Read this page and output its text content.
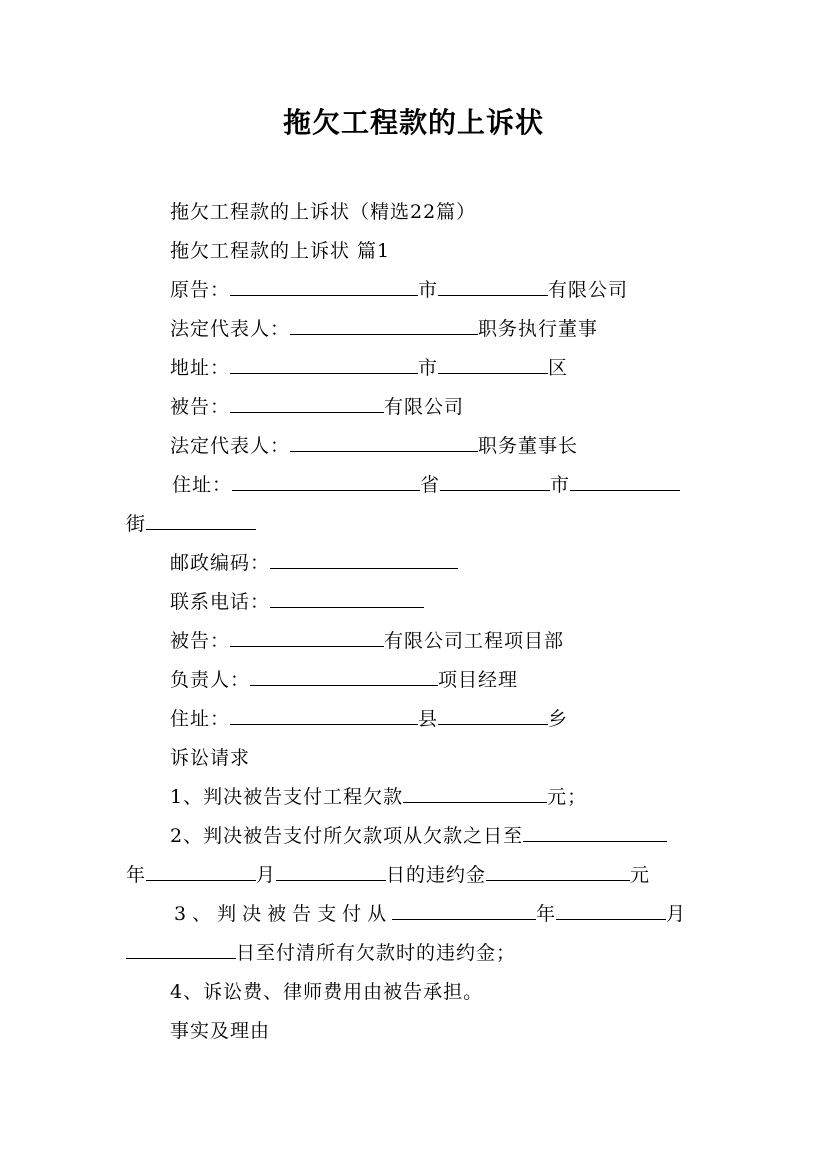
拖欠工程款的上诉状
拖欠工程款的上诉状（精选22篇）
拖欠工程款的上诉状 篇1
原告：	市	有限公司
法定代表人：	职务执行董事
地址：	市	区
被告：	有限公司
法定代表人：	职务董事长
住址：	省	市
街
邮政编码：
联系电话：
被告：	有限公司工程项目部
负责人：	项目经理
住址：	县	乡
诉讼请求
1、判决被告支付工程欠款	元；
2、判决被告支付所欠款项从欠款之日至
年	月	日的违约金	元
3、判决被告支付从	年	月
日至付清所有欠款时的违约金；
4、诉讼费、律师费用由被告承担。
事实及理由
